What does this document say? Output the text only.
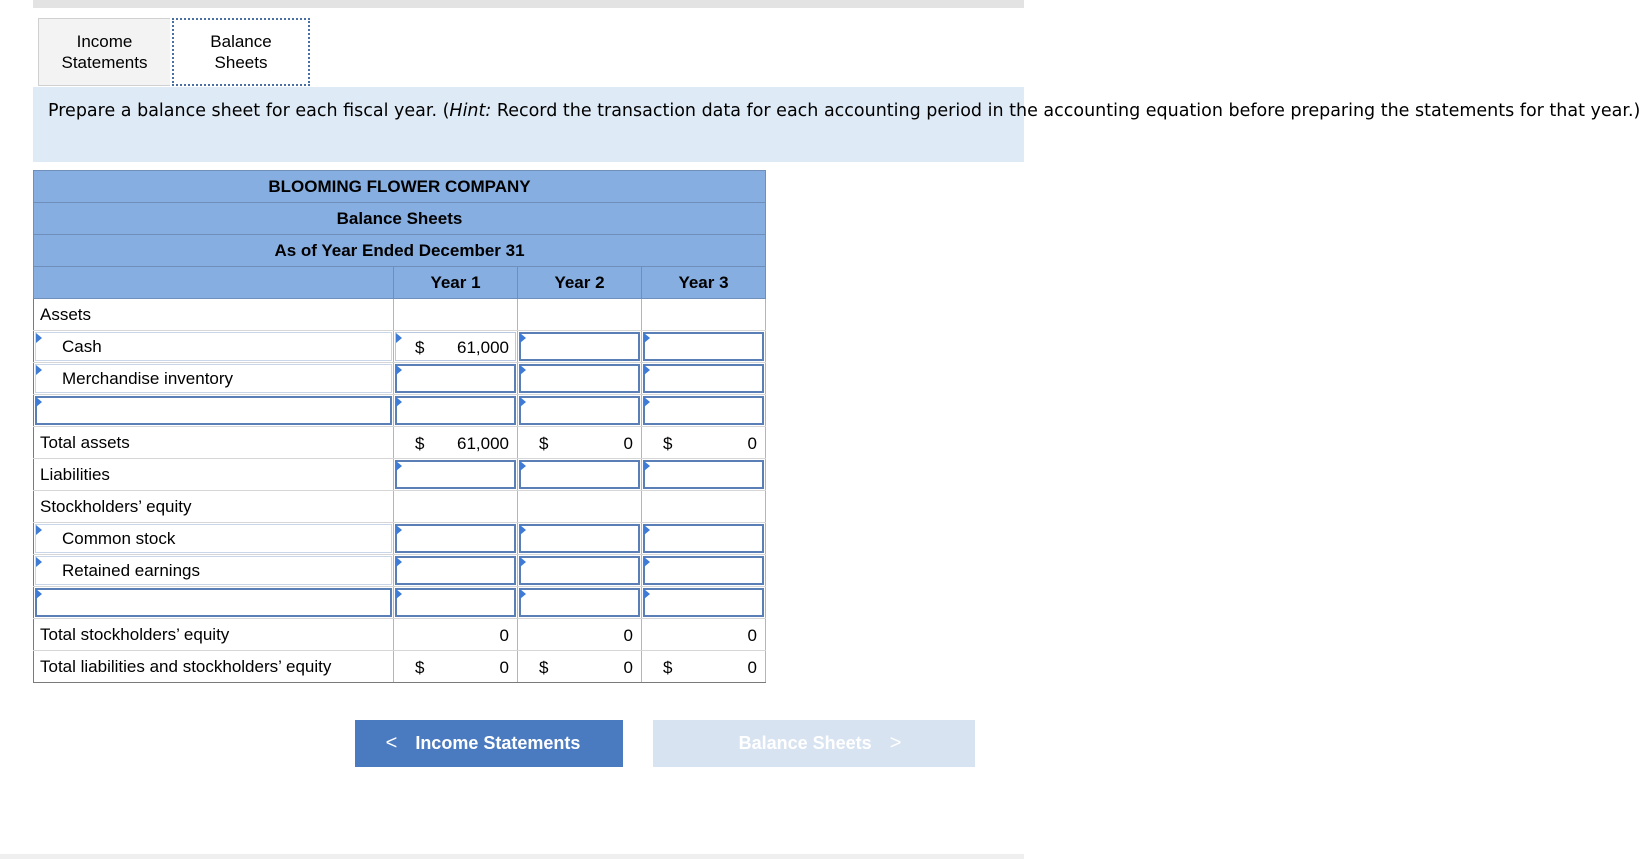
Income
Statements
Balance
Sheets
Prepare a balance sheet for each fiscal year. (Hint: Record the transaction data for each accounting period in the accounting equation before preparing the statements for that year.)
BLOOMING FLOWER COMPANY			
Balance Sheets			
As of Year Ended December 31			
	Year 1	Year 2	Year 3
Assets			

Cash	$ 61,000		

Merchandise inventory	

Total assets	$ 61,000	$ 0	$ 0

Liabilities	

Stockholders’ equity			

Common stock	

Retained earnings	

Total stockholders’ equity	0	0	0

Total liabilities and stockholders’ equity	$ 0	$ 0	$ 0
< Income Statements	Balance Sheets >
